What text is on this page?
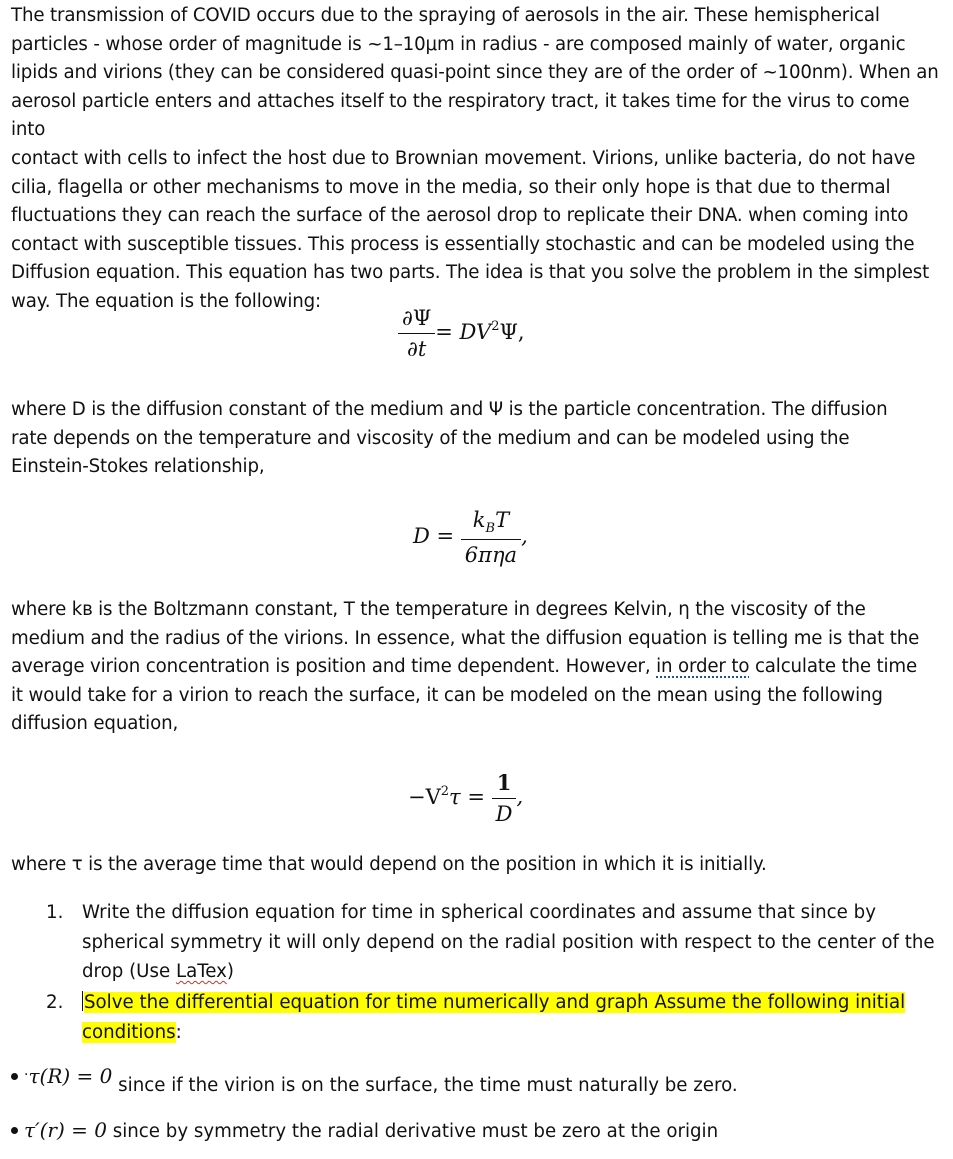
The transmission of COVID occurs due to the spraying of aerosols in the air. These hemispherical
particles - whose order of magnitude is ~1–10μm in radius - are composed mainly of water, organic
lipids and virions (they can be considered quasi-point since they are of the order of ~100nm). When an
aerosol particle enters and attaches itself to the respiratory tract, it takes time for the virus to come into
contact with cells to infect the host due to Brownian movement. Virions, unlike bacteria, do not have
cilia, flagella or other mechanisms to move in the media, so their only hope is that due to thermal
fluctuations they can reach the surface of the aerosol drop to replicate their DNA. when coming into
contact with susceptible tissues. This process is essentially stochastic and can be modeled using the
Diffusion equation. This equation has two parts. The idea is that you solve the problem in the simplest
way. The equation is the following:
$\frac{\partial\Psi}{\partial t} = DV^2\Psi$,
where D is the diffusion constant of the medium and Ψ is the particle concentration. The diffusion
rate depends on the temperature and viscosity of the medium and can be modeled using the
Einstein-Stokes relationship,
$D = \frac{k_BT}{\text{6πηa}}$ ,
where kʙ is the Boltzmann constant, T the temperature in degrees Kelvin, η the viscosity of the
medium and the radius of the virions. In essence, what the diffusion equation is telling me is that the
average virion concentration is position and time dependent. However, in order to calculate the time
it would take for a virion to reach the surface, it can be modeled on the mean using the following
diffusion equation,
$-V^2\tau = \frac{1}{D}$ ,
where τ is the average time that would depend on the position in which it is initially.
1. Write the diffusion equation for time in spherical coordinates and assume that since by
spherical symmetry it will only depend on the radial position with respect to the center of the
drop (Use LaTex)
2. Solve the differential equation for time numerically and graph Assume the following initial
conditions:
·τ(R) = 0 since if the virion is on the surface, the time must naturally be zero.
τ′(r) = 0 since by symmetry the radial derivative must be zero at the origin
